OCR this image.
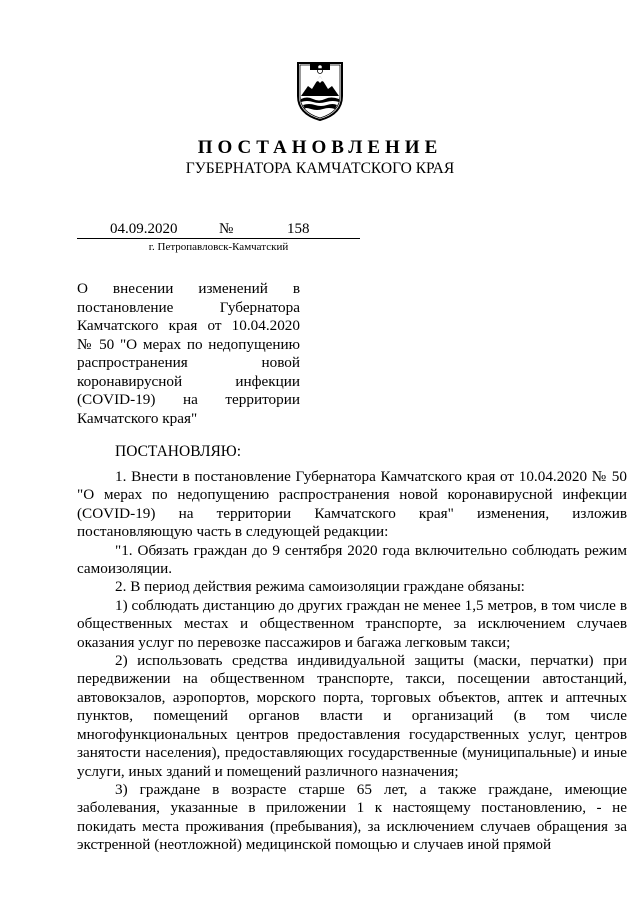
ПОСТАНОВЛЕНИЕ
ГУБЕРНАТОРА КАМЧАТСКОГО КРАЯ
04.09.2020	№	158
г. Петропавловск-Камчатский
О внесении изменений в
постановление Губернатора
Камчатского края от 10.04.2020
№ 50 "О мерах по недопущению
распространения новой
коронавирусной инфекции
(COVID-19) на территории
Камчатского края"
ПОСТАНОВЛЯЮ:

1. Внести в постановление Губернатора Камчатского края от 10.04.2020 № 50 "О мерах по недопущению распространения новой коронавирусной инфекции (COVID-19) на территории Камчатского края" изменения, изложив постановляющую часть в следующей редакции:

"1. Обязать граждан до 9 сентября 2020 года включительно соблюдать режим самоизоляции.

2. В период действия режима самоизоляции граждане обязаны:

1) соблюдать дистанцию до других граждан не менее 1,5 метров, в том числе в общественных местах и общественном транспорте, за исключением случаев оказания услуг по перевозке пассажиров и багажа легковым такси;

2) использовать средства индивидуальной защиты (маски, перчатки) при передвижении на общественном транспорте, такси, посещении автостанций, автовокзалов, аэропортов, морского порта, торговых объектов, аптек и аптечных пунктов, помещений органов власти и организаций (в том числе многофункциональных центров предоставления государственных услуг, центров занятости населения), предоставляющих государственные (муниципальные) и иные услуги, иных зданий и помещений различного назначения;

3) граждане в возрасте старше 65 лет, а также граждане, имеющие заболевания, указанные в приложении 1 к настоящему постановлению, - не покидать места проживания (пребывания), за исключением случаев обращения за экстренной (неотложной) медицинской помощью и случаев иной прямой
